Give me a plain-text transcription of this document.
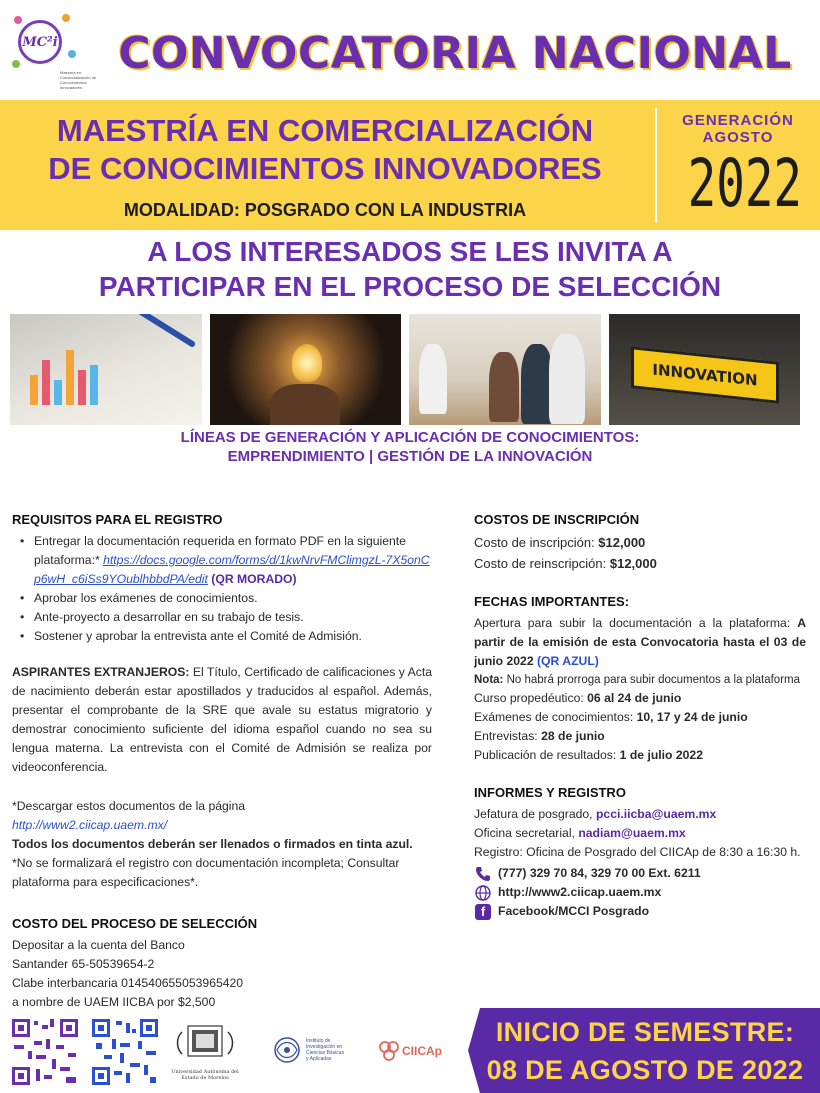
MC²i
Maestría en Comercialización de Conocimientos Innovadores
CONVOCATORIA NACIONAL
MAESTRÍA EN COMERCIALIZACIÓN
DE CONOCIMIENTOS INNOVADORES
MODALIDAD: POSGRADO CON LA INDUSTRIA
GENERACIÓN
AGOSTO
2022
A LOS INTERESADOS SE LES INVITA A
PARTICIPAR EN EL PROCESO DE SELECCIÓN
INNOVATION
LÍNEAS DE GENERACIÓN Y APLICACIÓN DE CONOCIMIENTOS:
EMPRENDIMIENTO | GESTIÓN DE LA INNOVACIÓN
REQUISITOS PARA EL REGISTRO
• Entregar la documentación requerida en formato PDF en la siguiente plataforma:* https://docs.google.com/forms/d/1kwNrvFMClimgzL-7X5onCp6wH_c6iSs9YOublhbbdPA/edit (QR MORADO)
• Aprobar los exámenes de conocimientos.
• Ante-proyecto a desarrollar en su trabajo de tesis.
• Sostener y aprobar la entrevista ante el Comité de Admisión.
ASPIRANTES EXTRANJEROS: El Título, Certificado de calificaciones y Acta de nacimiento deberán estar apostillados y traducidos al español. Además, presentar el comprobante de la SRE que avale su estatus migratorio y demostrar conocimiento suficiente del idioma español cuando no sea su lengua materna. La entrevista con el Comité de Admisión se realiza por videoconferencia.
*Descargar estos documentos de la página
http://www2.ciicap.uaem.mx/
Todos los documentos deberán ser llenados o firmados en tinta azul.
*No se formalizará el registro con documentación incompleta; Consultar plataforma para especificaciones*.
COSTO DEL PROCESO DE SELECCIÓN
Depositar a la cuenta del Banco
Santander 65-50539654-2
Clabe interbancaria 014540655053965420
a nombre de UAEM IICBA por $2,500
COSTOS DE INSCRIPCIÓN
Costo de inscripción: $12,000
Costo de reinscripción: $12,000
FECHAS IMPORTANTES:
Apertura para subir la documentación a la plataforma: A partir de la emisión de esta Convocatoria hasta el 03 de junio 2022 (QR AZUL)
Nota: No habrá prorroga para subir documentos a la plataforma
Curso propedéutico: 06 al 24 de junio
Exámenes de conocimientos: 10, 17 y 24 de junio
Entrevistas: 28 de junio
Publicación de resultados: 1 de julio 2022
INFORMES Y REGISTRO
Jefatura de posgrado, pcci.iicba@uaem.mx
Oficina secretarial, nadiam@uaem.mx
Registro: Oficina de Posgrado del CIICAp de 8:30 a 16:30 h.
(777) 329 70 84, 329 70 00 Ext. 6211
http://www2.ciicap.uaem.mx
f	Facebook/MCCI Posgrado
Universidad Autónoma del Estado de Morelos
Instituto de Investigación en Ciencias Básicas y Aplicadas
CIICAp
INICIO DE SEMESTRE:
08 DE AGOSTO DE 2022
